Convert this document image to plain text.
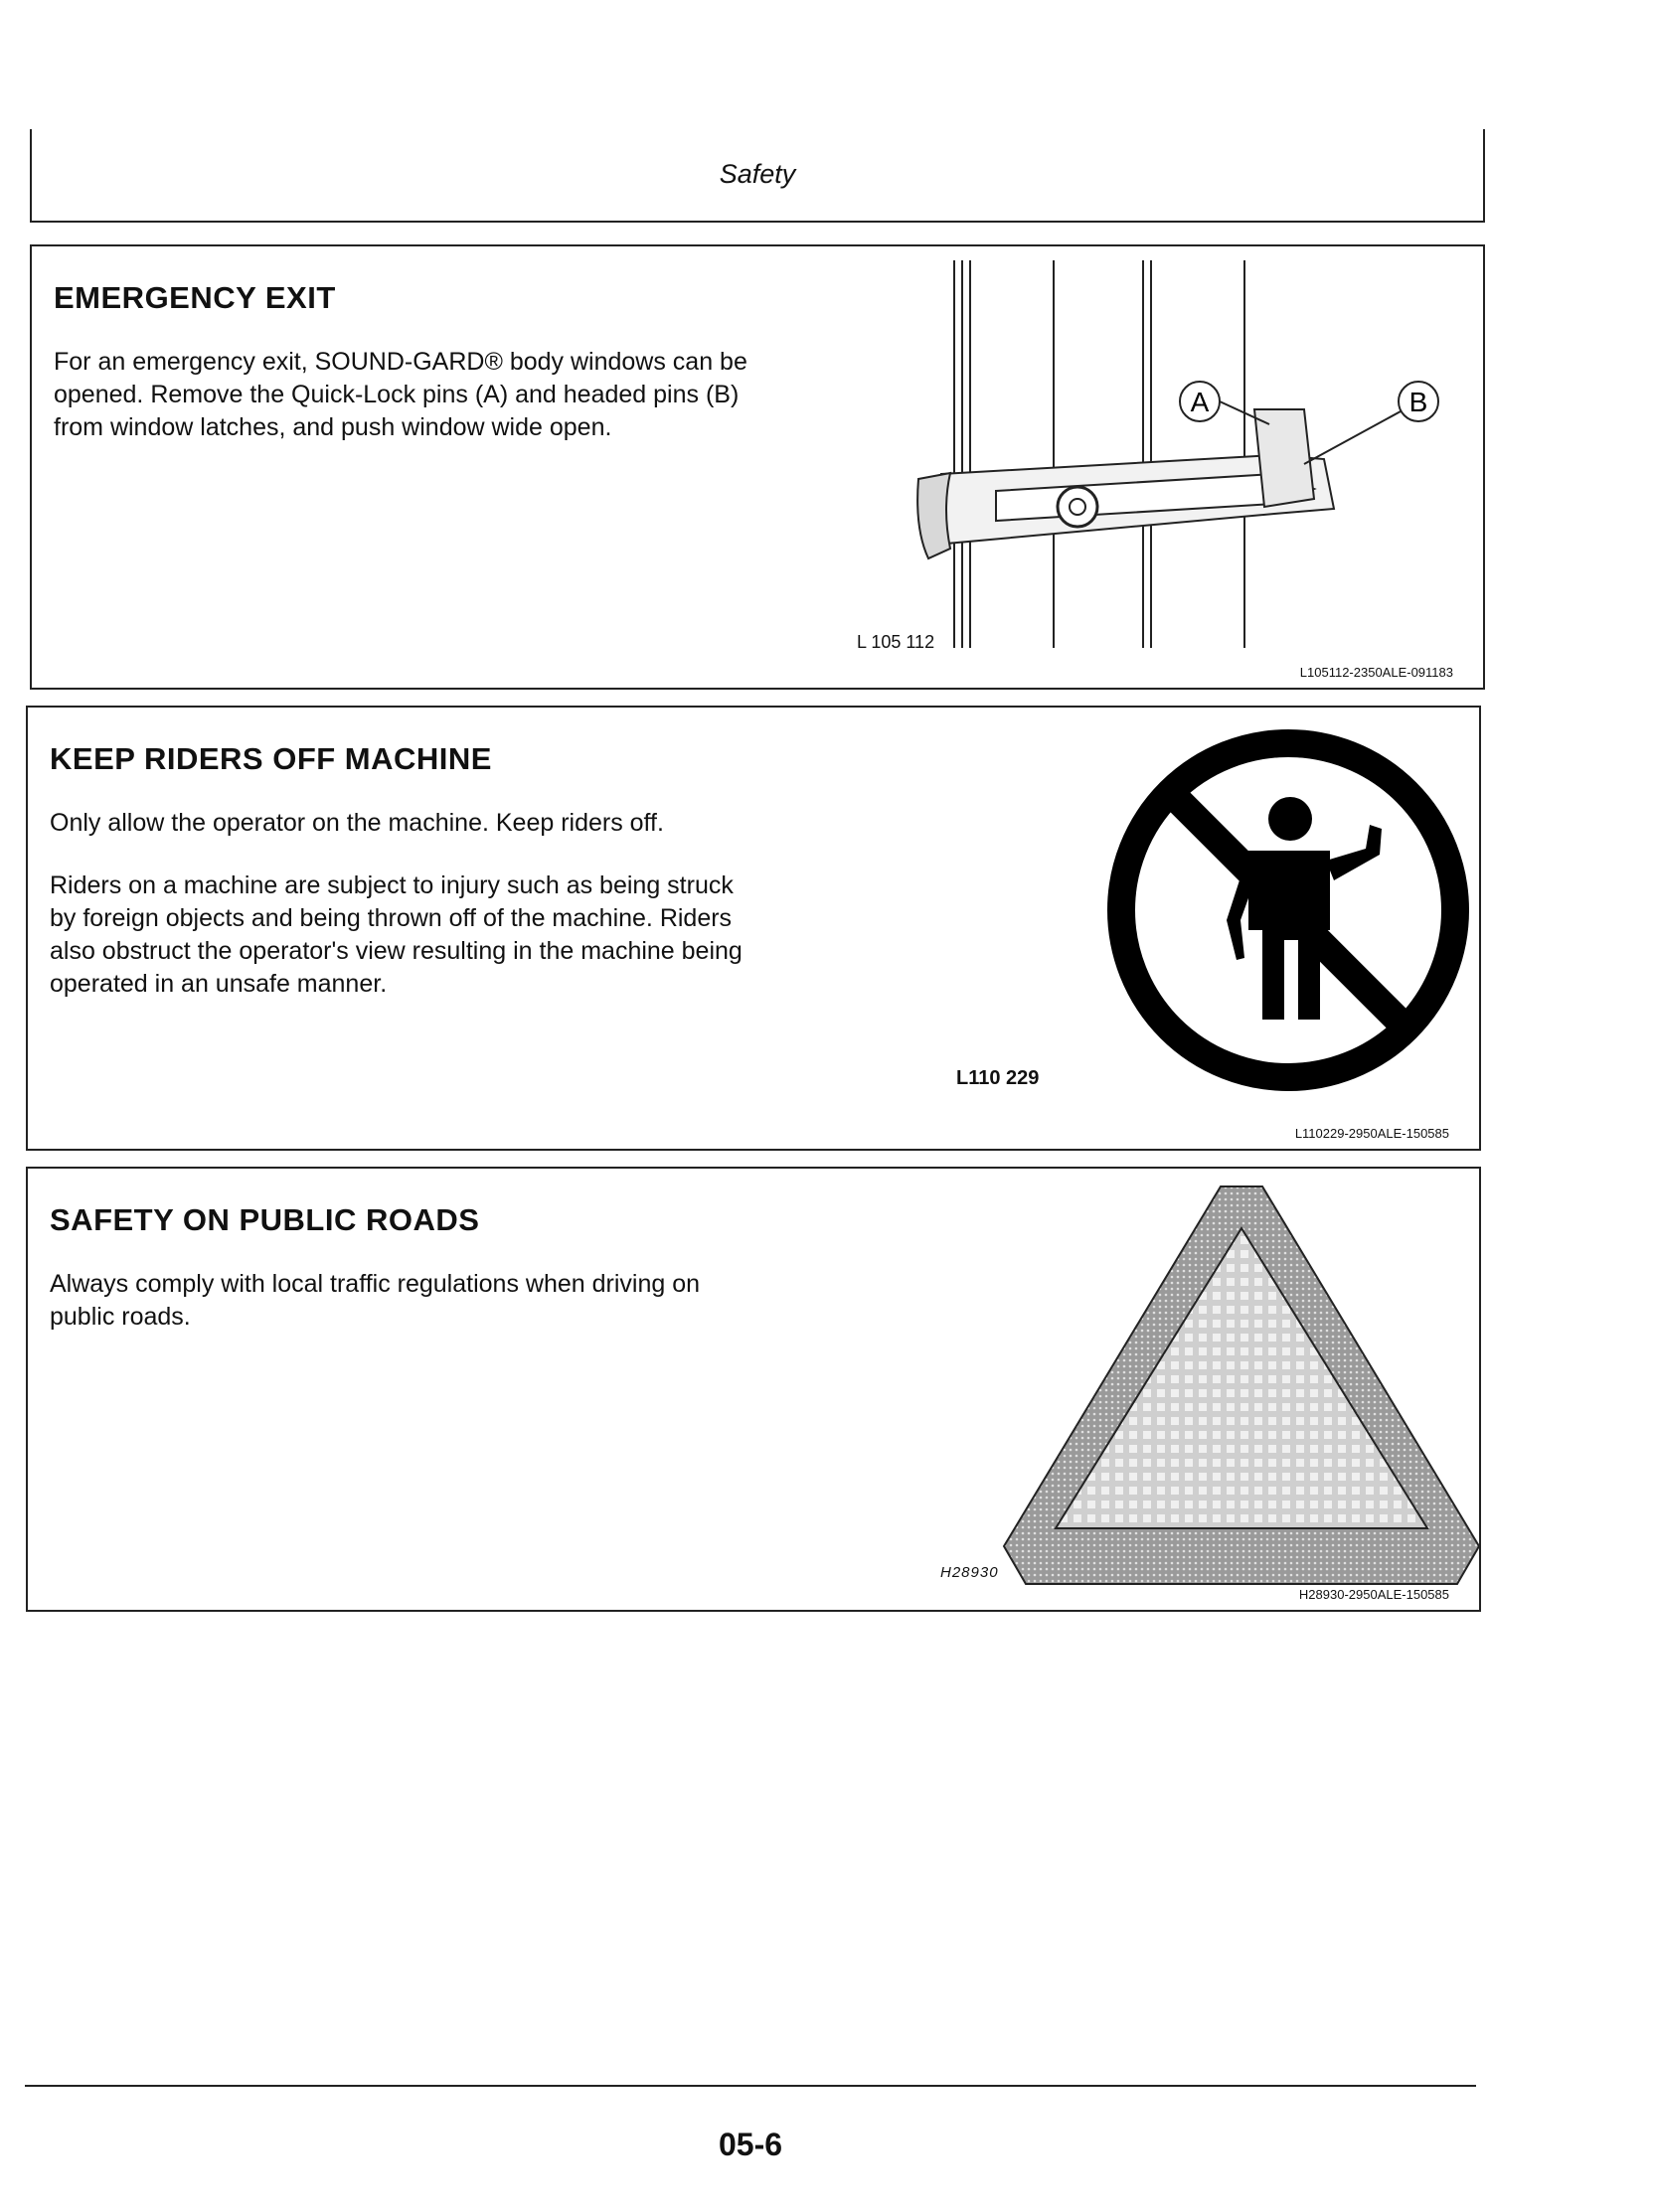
Safety
EMERGENCY EXIT

For an emergency exit, SOUND-GARD® body windows can be opened. Remove the Quick-Lock pins (A) and headed pins (B) from window latches, and push window wide open.

A	B
L 105 112
L105112-2350ALE-091183
KEEP RIDERS OFF MACHINE

Only allow the operator on the machine. Keep riders off.

Riders on a machine are subject to injury such as being struck by foreign objects and being thrown off of the machine. Riders also obstruct the operator's view resulting in the machine being operated in an unsafe manner.

L110 229
L110229-2950ALE-150585
SAFETY ON PUBLIC ROADS

Always comply with local traffic regulations when driving on public roads.

H28930
H28930-2950ALE-150585
05-6
